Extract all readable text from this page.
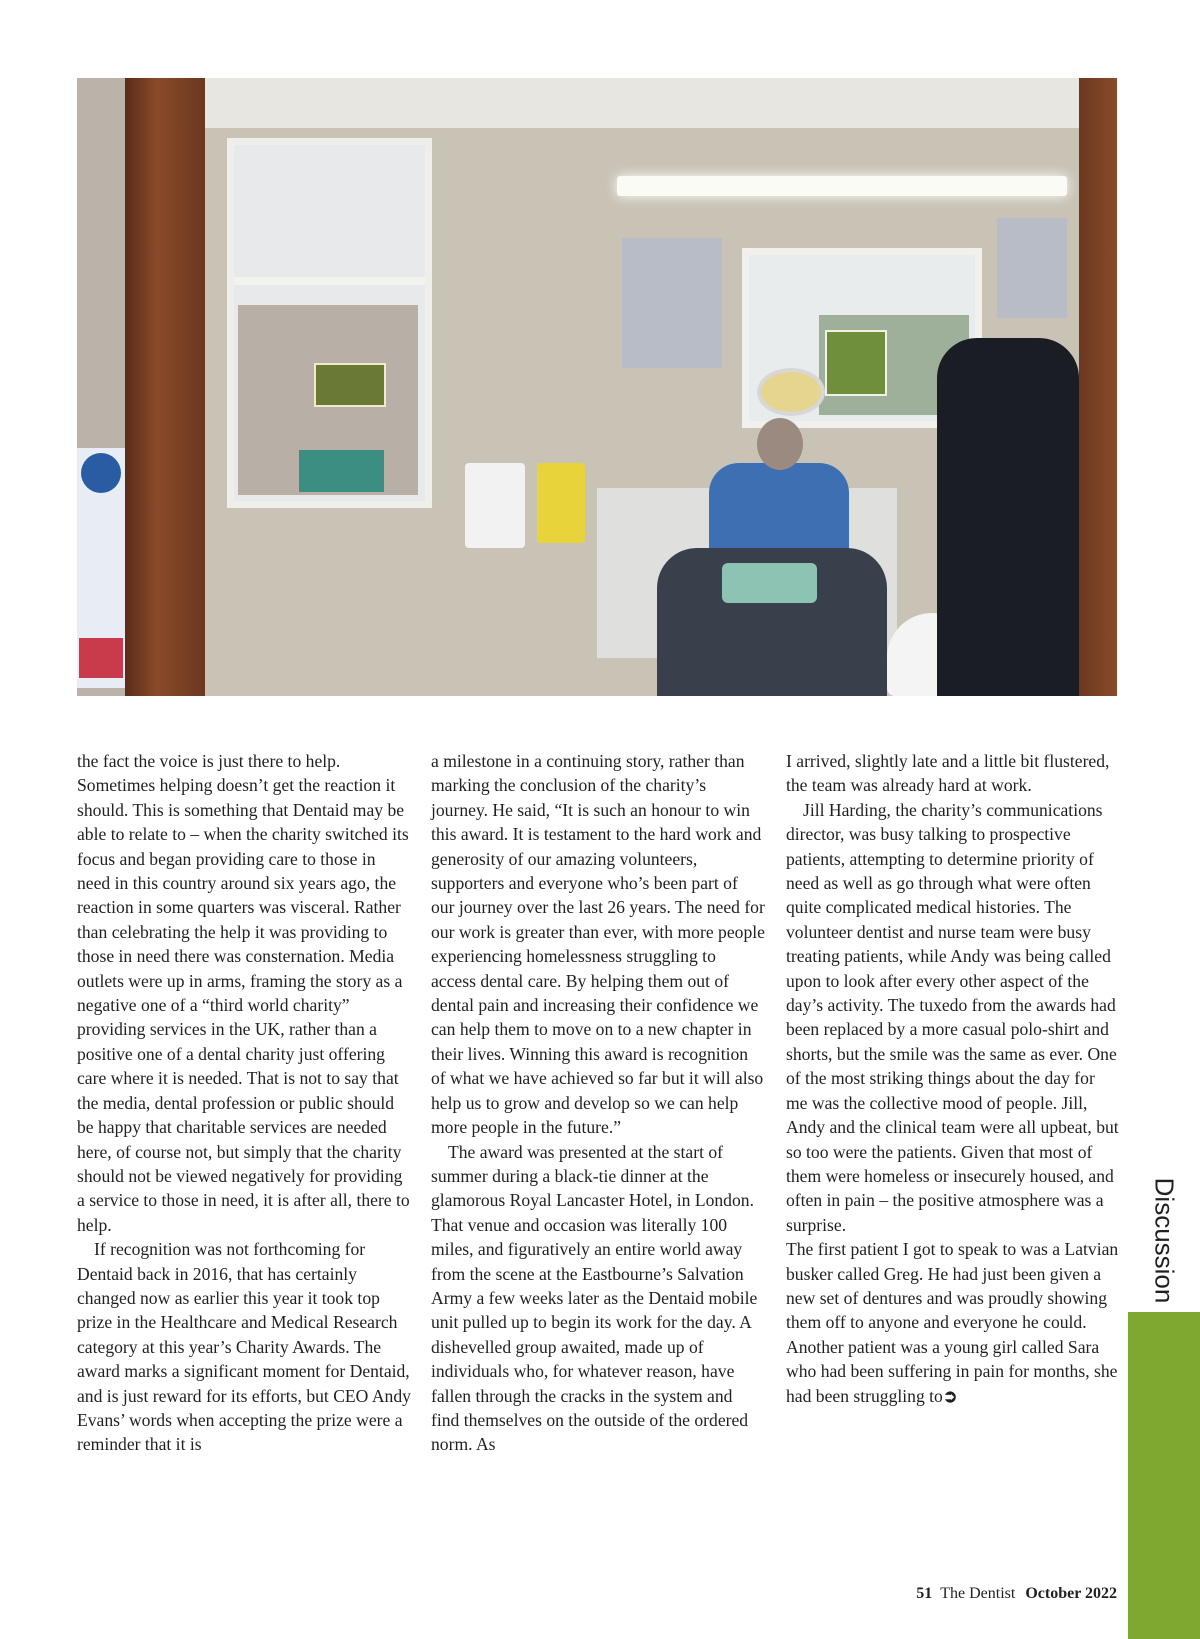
the fact the voice is just there to help. Sometimes helping doesn’t get the reaction it should. This is something that Dentaid may be able to relate to – when the charity switched its focus and began providing care to those in need in this country around six years ago, the reaction in some quarters was visceral. Rather than celebrating the help it was providing to those in need there was consternation. Media outlets were up in arms, framing the story as a negative one of a “third world charity” providing services in the UK, rather than a positive one of a dental charity just offering care where it is needed. That is not to say that the media, dental profession or public should be happy that charitable services are needed here, of course not, but simply that the charity should not be viewed negatively for providing a service to those in need, it is after all, there to help.

If recognition was not forthcoming for Dentaid back in 2016, that has certainly changed now as earlier this year it took top prize in the Healthcare and Medical Research category at this year’s Charity Awards. The award marks a significant moment for Dentaid, and is just reward for its efforts, but CEO Andy Evans’ words when accepting the prize were a reminder that it is

a milestone in a continuing story, rather than marking the conclusion of the charity’s journey. He said, “It is such an honour to win this award. It is testament to the hard work and generosity of our amazing volunteers, supporters and everyone who’s been part of our journey over the last 26 years. The need for our work is greater than ever, with more people experiencing homelessness struggling to access dental care. By helping them out of dental pain and increasing their confidence we can help them to move on to a new chapter in their lives. Winning this award is recognition of what we have achieved so far but it will also help us to grow and develop so we can help more people in the future.”

The award was presented at the start of summer during a black-tie dinner at the glamorous Royal Lancaster Hotel, in London. That venue and occasion was literally 100 miles, and figuratively an entire world away from the scene at the Eastbourne’s Salvation Army a few weeks later as the Dentaid mobile unit pulled up to begin its work for the day. A dishevelled group awaited, made up of individuals who, for whatever reason, have fallen through the cracks in the system and find themselves on the outside of the ordered norm. As

I arrived, slightly late and a little bit flustered, the team was already hard at work.

Jill Harding, the charity’s communications director, was busy talking to prospective patients, attempting to determine priority of need as well as go through what were often quite complicated medical histories. The volunteer dentist and nurse team were busy treating patients, while Andy was being called upon to look after every other aspect of the day’s activity. The tuxedo from the awards had been replaced by a more casual polo-shirt and shorts, but the smile was the same as ever. One of the most striking things about the day for me was the collective mood of people. Jill, Andy and the clinical team were all upbeat, but so too were the patients. Given that most of them were homeless or insecurely housed, and often in pain – the positive atmosphere was a surprise.

The first patient I got to speak to was a Latvian busker called Greg. He had just been given a new set of dentures and was proudly showing them off to anyone and everyone he could. Another patient was a young girl called Sara who had been suffering in pain for months, she had been struggling to➲

Discussion
51 The Dentist October 2022
